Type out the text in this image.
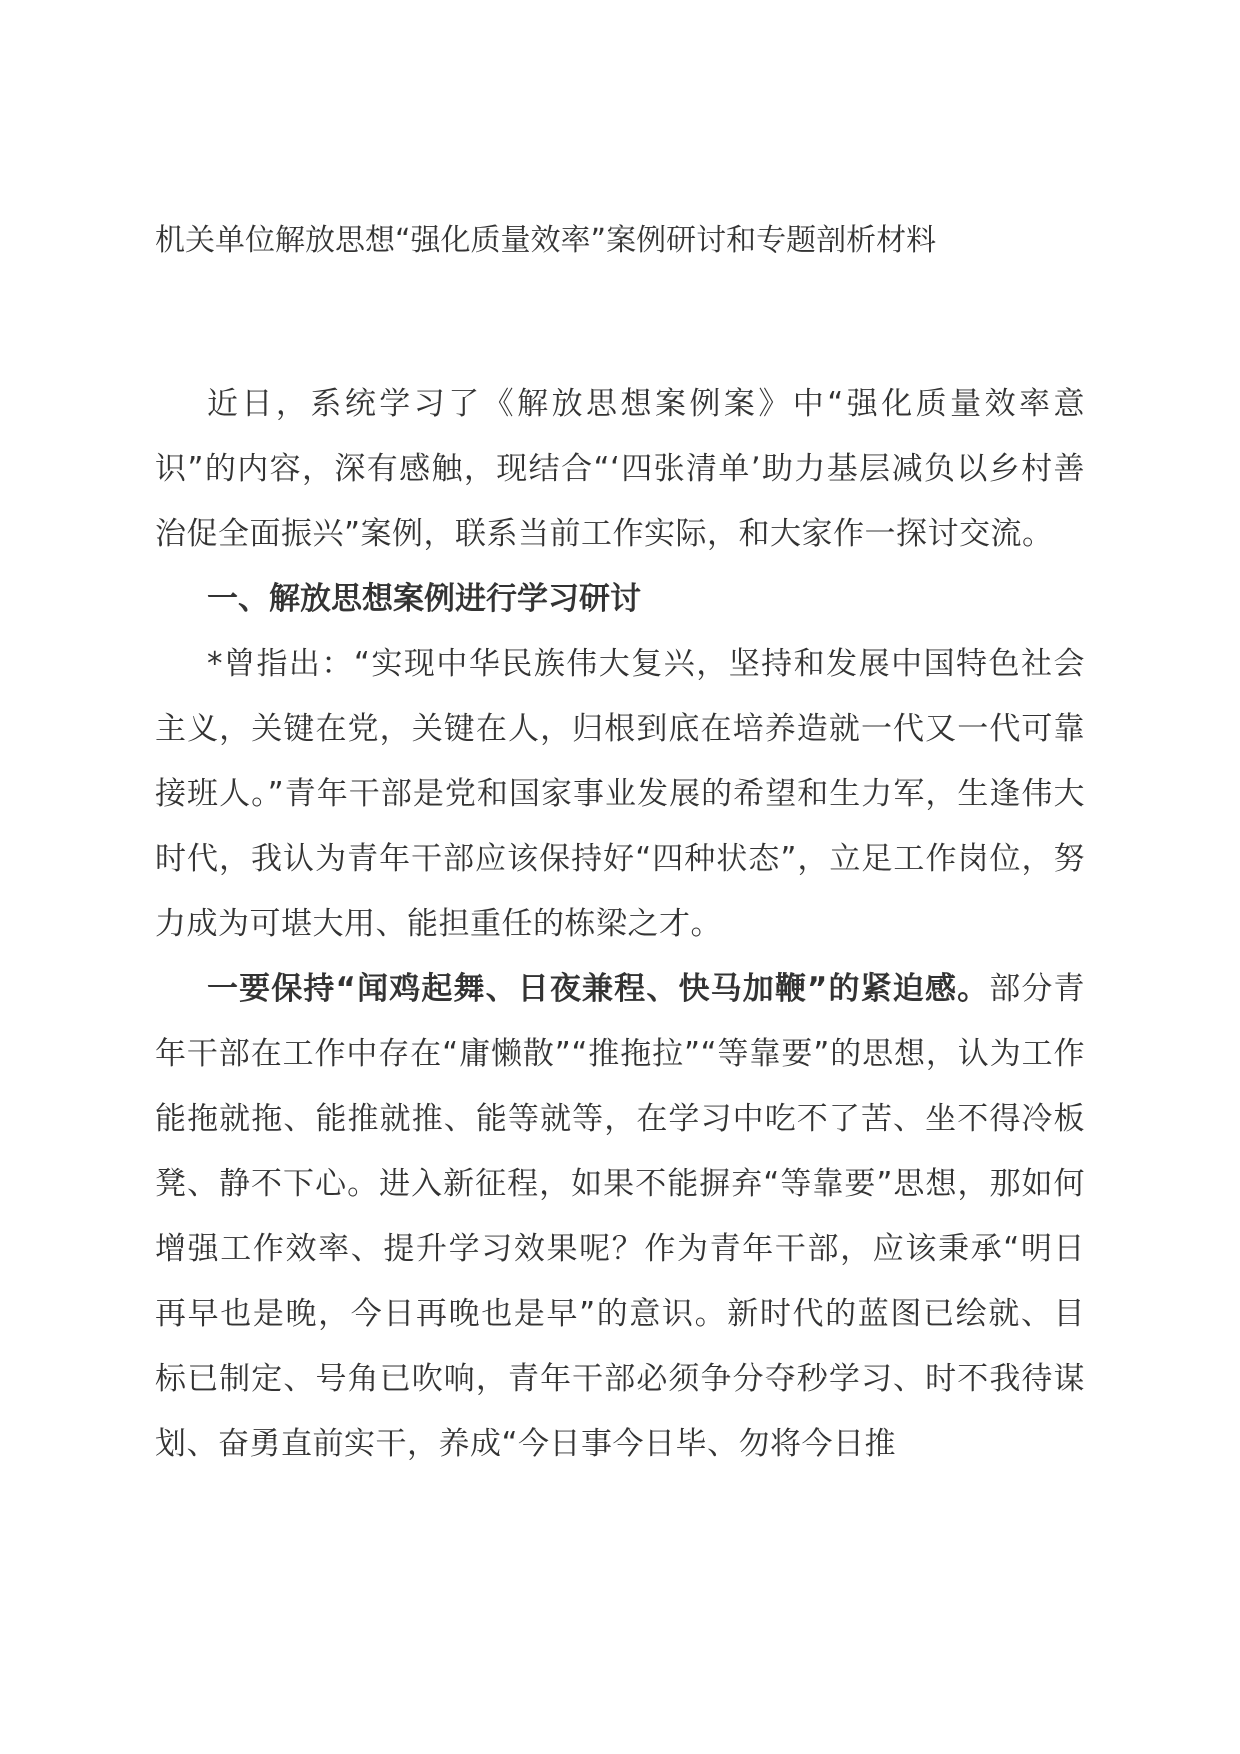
机关单位解放思想“强化质量效率”案例研讨和专题剖析材料

近日，系统学习了《解放思想案例案》中“强化质量效率意识”的内容，深有感触，现结合“‘四张清单’助力基层减负以乡村善治促全面振兴”案例，联系当前工作实际，和大家作一探讨交流。

一、解放思想案例进行学习研讨

*曾指出：“实现中华民族伟大复兴，坚持和发展中国特色社会主义，关键在党，关键在人，归根到底在培养造就一代又一代可靠接班人。”青年干部是党和国家事业发展的希望和生力军，生逢伟大时代，我认为青年干部应该保持好“四种状态”，立足工作岗位，努力成为可堪大用、能担重任的栋梁之才。

一要保持“闻鸡起舞、日夜兼程、快马加鞭”的紧迫感。部分青年干部在工作中存在“庸懒散”“推拖拉”“等靠要”的思想，认为工作能拖就拖、能推就推、能等就等，在学习中吃不了苦、坐不得冷板凳、静不下心。进入新征程，如果不能摒弃“等靠要”思想，那如何增强工作效率、提升学习效果呢？作为青年干部，应该秉承“明日再早也是晚，今日再晚也是早”的意识。新时代的蓝图已绘就、目标已制定、号角已吹响，青年干部必须争分夺秒学习、时不我待谋划、奋勇直前实干，养成“今日事今日毕、勿将今日推
